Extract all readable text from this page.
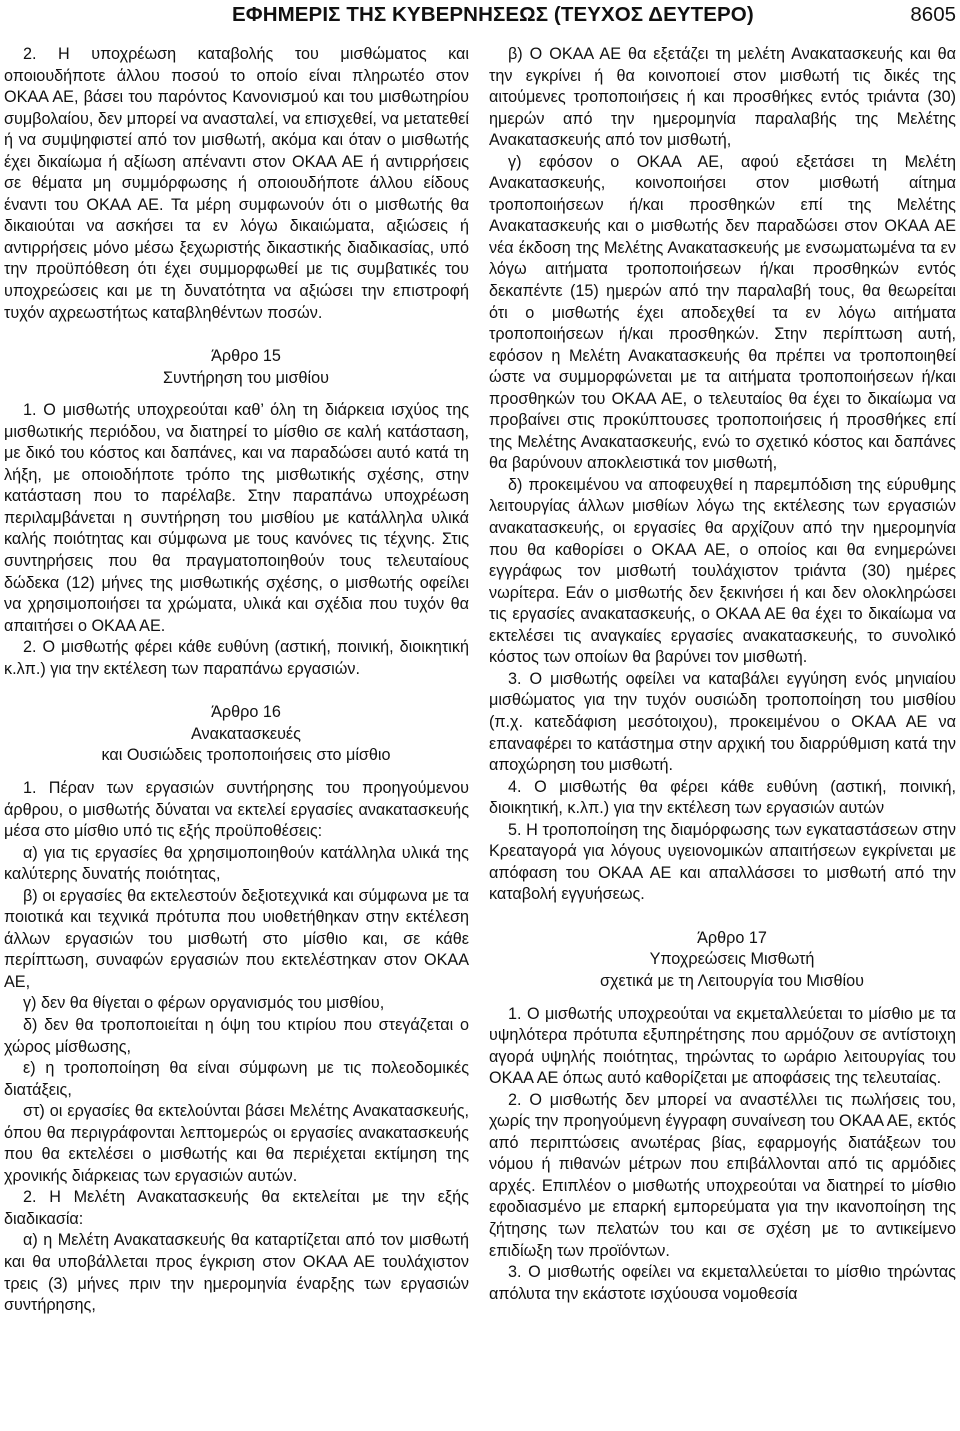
ΕΦΗΜΕΡΙΣ ΤΗΣ ΚΥΒΕΡΝΗΣΕΩΣ (ΤΕΥΧΟΣ ΔΕΥΤΕΡΟ)	8605

2. Η υποχρέωση καταβολής του μισθώματος και οποιουδήποτε άλλου ποσού το οποίο είναι πληρωτέο στον ΟΚΑΑ ΑΕ, βάσει του παρόντος Κανονισμού και του μισθωτηρίου συμβολαίου, δεν μπορεί να ανασταλεί, να επισχεθεί, να μετατεθεί ή να συμψηφιστεί από τον μισθωτή, ακόμα και όταν ο μισθωτής έχει δικαίωμα ή αξίωση απέναντι στον ΟΚΑΑ ΑΕ ή αντιρρήσεις σε θέματα μη συμμόρφωσης ή οποιουδήποτε άλλου είδους έναντι του ΟΚΑΑ ΑΕ. Τα μέρη συμφωνούν ότι ο μισθωτής θα δικαιούται να ασκήσει τα εν λόγω δικαιώματα, αξιώσεις ή αντιρρήσεις μόνο μέσω ξεχωριστής δικαστικής διαδικασίας, υπό την προϋπόθεση ότι έχει συμμορφωθεί με τις συμβατικές του υποχρεώσεις και με τη δυνατότητα να αξιώσει την επιστροφή τυχόν αχρεωστήτως καταβληθέντων ποσών.

Άρθρο 15

Συντήρηση του μισθίου

1. Ο μισθωτής υποχρεούται καθ’ όλη τη διάρκεια ισχύος της μισθωτικής περιόδου, να διατηρεί το μίσθιο σε καλή κατάσταση, με δικό του κόστος και δαπάνες, και να παραδώσει αυτό κατά τη λήξη, με οποιοδήποτε τρόπο της μισθωτικής σχέσης, στην κατάσταση που το παρέλαβε. Στην παραπάνω υποχρέωση περιλαμβάνεται η συντήρηση του μισθίου με κατάλληλα υλικά καλής ποιότητας και σύμφωνα με τους κανόνες τις τέχνης. Στις συντηρήσεις που θα πραγματοποιηθούν τους τελευταίους δώδεκα (12) μήνες της μισθωτικής σχέσης, ο μισθωτής οφείλει να χρησιμοποιήσει τα χρώματα, υλικά και σχέδια που τυχόν θα απαιτήσει ο ΟΚΑΑ ΑΕ.

2. Ο μισθωτής φέρει κάθε ευθύνη (αστική, ποινική, διοικητική κ.λπ.) για την εκτέλεση των παραπάνω εργασιών.

Άρθρο 16

Ανακατασκευές

και Ουσιώδεις τροποποιήσεις στο μίσθιο

1. Πέραν των εργασιών συντήρησης του προηγούμενου άρθρου, ο μισθωτής δύναται να εκτελεί εργασίες ανακατασκευής μέσα στο μίσθιο υπό τις εξής προϋποθέσεις:

α) για τις εργασίες θα χρησιμοποιηθούν κατάλληλα υλικά της καλύτερης δυνατής ποιότητας,

β) οι εργασίες θα εκτελεστούν δεξιοτεχνικά και σύμφωνα με τα ποιοτικά και τεχνικά πρότυπα που υιοθετήθηκαν στην εκτέλεση άλλων εργασιών του μισθωτή στο μίσθιο και, σε κάθε περίπτωση, συναφών εργασιών που εκτελέστηκαν στον ΟΚΑΑ ΑΕ,

γ) δεν θα θίγεται ο φέρων οργανισμός του μισθίου,

δ) δεν θα τροποποιείται η όψη του κτιρίου που στεγάζεται ο χώρος μίσθωσης,

ε) η τροποποίηση θα είναι σύμφωνη με τις πολεοδομικές διατάξεις,

στ) οι εργασίες θα εκτελούνται βάσει Μελέτης Ανακατασκευής, όπου θα περιγράφονται λεπτομερώς οι εργασίες ανακατασκευής που θα εκτελέσει ο μισθωτής και θα περιέχεται εκτίμηση της χρονικής διάρκειας των εργασιών αυτών.

2. Η Μελέτη Ανακατασκευής θα εκτελείται με την εξής διαδικασία:

α) η Μελέτη Ανακατασκευής θα καταρτίζεται από τον μισθωτή και θα υποβάλλεται προς έγκριση στον ΟΚΑΑ ΑΕ τουλάχιστον τρεις (3) μήνες πριν την ημερομηνία έναρξης των εργασιών συντήρησης,

β) Ο ΟΚΑΑ ΑΕ θα εξετάζει τη μελέτη Ανακατασκευής και θα την εγκρίνει ή θα κοινοποιεί στον μισθωτή τις δικές της αιτούμενες τροποποιήσεις ή και προσθήκες εντός τριάντα (30) ημερών από την ημερομηνία παραλαβής της Μελέτης Ανακατασκευής από τον μισθωτή,

γ) εφόσον ο ΟΚΑΑ ΑΕ, αφού εξετάσει τη Μελέτη Ανακατασκευής, κοινοποιήσει στον μισθωτή αίτημα τροποποιήσεων ή/και προσθηκών επί της Μελέτης Ανακατασκευής και ο μισθωτής δεν παραδώσει στον ΟΚΑΑ ΑΕ νέα έκδοση της Μελέτης Ανακατασκευής με ενσωματωμένα τα εν λόγω αιτήματα τροποποιήσεων ή/και προσθηκών εντός δεκαπέντε (15) ημερών από την παραλαβή τους, θα θεωρείται ότι ο μισθωτής έχει αποδεχθεί τα εν λόγω αιτήματα τροποποιήσεων ή/και προσθηκών. Στην περίπτωση αυτή, εφόσον η Μελέτη Ανακατασκευής θα πρέπει να τροποποιηθεί ώστε να συμμορφώνεται με τα αιτήματα τροποποιήσεων ή/και προσθηκών του ΟΚΑΑ ΑΕ, ο τελευταίος θα έχει το δικαίωμα να προβαίνει στις προκύπτουσες τροποποιήσεις ή προσθήκες επί της Μελέτης Ανακατασκευής, ενώ το σχετικό κόστος και δαπάνες θα βαρύνουν αποκλειστικά τον μισθωτή,

δ) προκειμένου να αποφευχθεί η παρεμπόδιση της εύρυθμης λειτουργίας άλλων μισθίων λόγω της εκτέλεσης των εργασιών ανακατασκευής, οι εργασίες θα αρχίζουν από την ημερομηνία που θα καθορίσει ο ΟΚΑΑ ΑΕ, ο οποίος και θα ενημερώνει εγγράφως τον μισθωτή τουλάχιστον τριάντα (30) ημέρες νωρίτερα. Εάν ο μισθωτής δεν ξεκινήσει ή και δεν ολοκληρώσει τις εργασίες ανακατασκευής, ο ΟΚΑΑ ΑΕ θα έχει το δικαίωμα να εκτελέσει τις αναγκαίες εργασίες ανακατασκευής, το συνολικό κόστος των οποίων θα βαρύνει τον μισθωτή.

3. Ο μισθωτής οφείλει να καταβάλει εγγύηση ενός μηνιαίου μισθώματος για την τυχόν ουσιώδη τροποποίηση του μισθίου (π.χ. κατεδάφιση μεσότοιχου), προκειμένου ο ΟΚΑΑ ΑΕ να επαναφέρει το κατάστημα στην αρχική του διαρρύθμιση κατά την αποχώρηση του μισθωτή.

4. Ο μισθωτής θα φέρει κάθε ευθύνη (αστική, ποινική, διοικητική, κ.λπ.) για την εκτέλεση των εργασιών αυτών

5. Η τροποποίηση της διαμόρφωσης των εγκαταστάσεων στην Κρεαταγορά για λόγους υγειονομικών απαιτήσεων εγκρίνεται με απόφαση του ΟΚΑΑ ΑΕ και απαλλάσσει το μισθωτή από την καταβολή εγγυήσεως.

Άρθρο 17

Υποχρεώσεις Μισθωτή

σχετικά με τη Λειτουργία του Μισθίου

1. Ο μισθωτής υποχρεούται να εκμεταλλεύεται το μίσθιο με τα υψηλότερα πρότυπα εξυπηρέτησης που αρμόζουν σε αντίστοιχη αγορά υψηλής ποιότητας, τηρώντας το ωράριο λειτουργίας του ΟΚΑΑ ΑΕ όπως αυτό καθορίζεται με αποφάσεις της τελευταίας.

2. Ο μισθωτής δεν μπορεί να αναστέλλει τις πωλήσεις του, χωρίς την προηγούμενη έγγραφη συναίνεση του ΟΚΑΑ ΑΕ, εκτός από περιπτώσεις ανωτέρας βίας, εφαρμογής διατάξεων του νόμου ή πιθανών μέτρων που επιβάλλονται από τις αρμόδιες αρχές. Επιπλέον ο μισθωτής υποχρεούται να διατηρεί το μίσθιο εφοδιασμένο με επαρκή εμπορεύματα για την ικανοποίηση της ζήτησης των πελατών του και σε σχέση με το αντικείμενο επιδίωξη των προϊόντων.

3. Ο μισθωτής οφείλει να εκμεταλλεύεται το μίσθιο τηρώντας απόλυτα την εκάστοτε ισχύουσα νομοθεσία
